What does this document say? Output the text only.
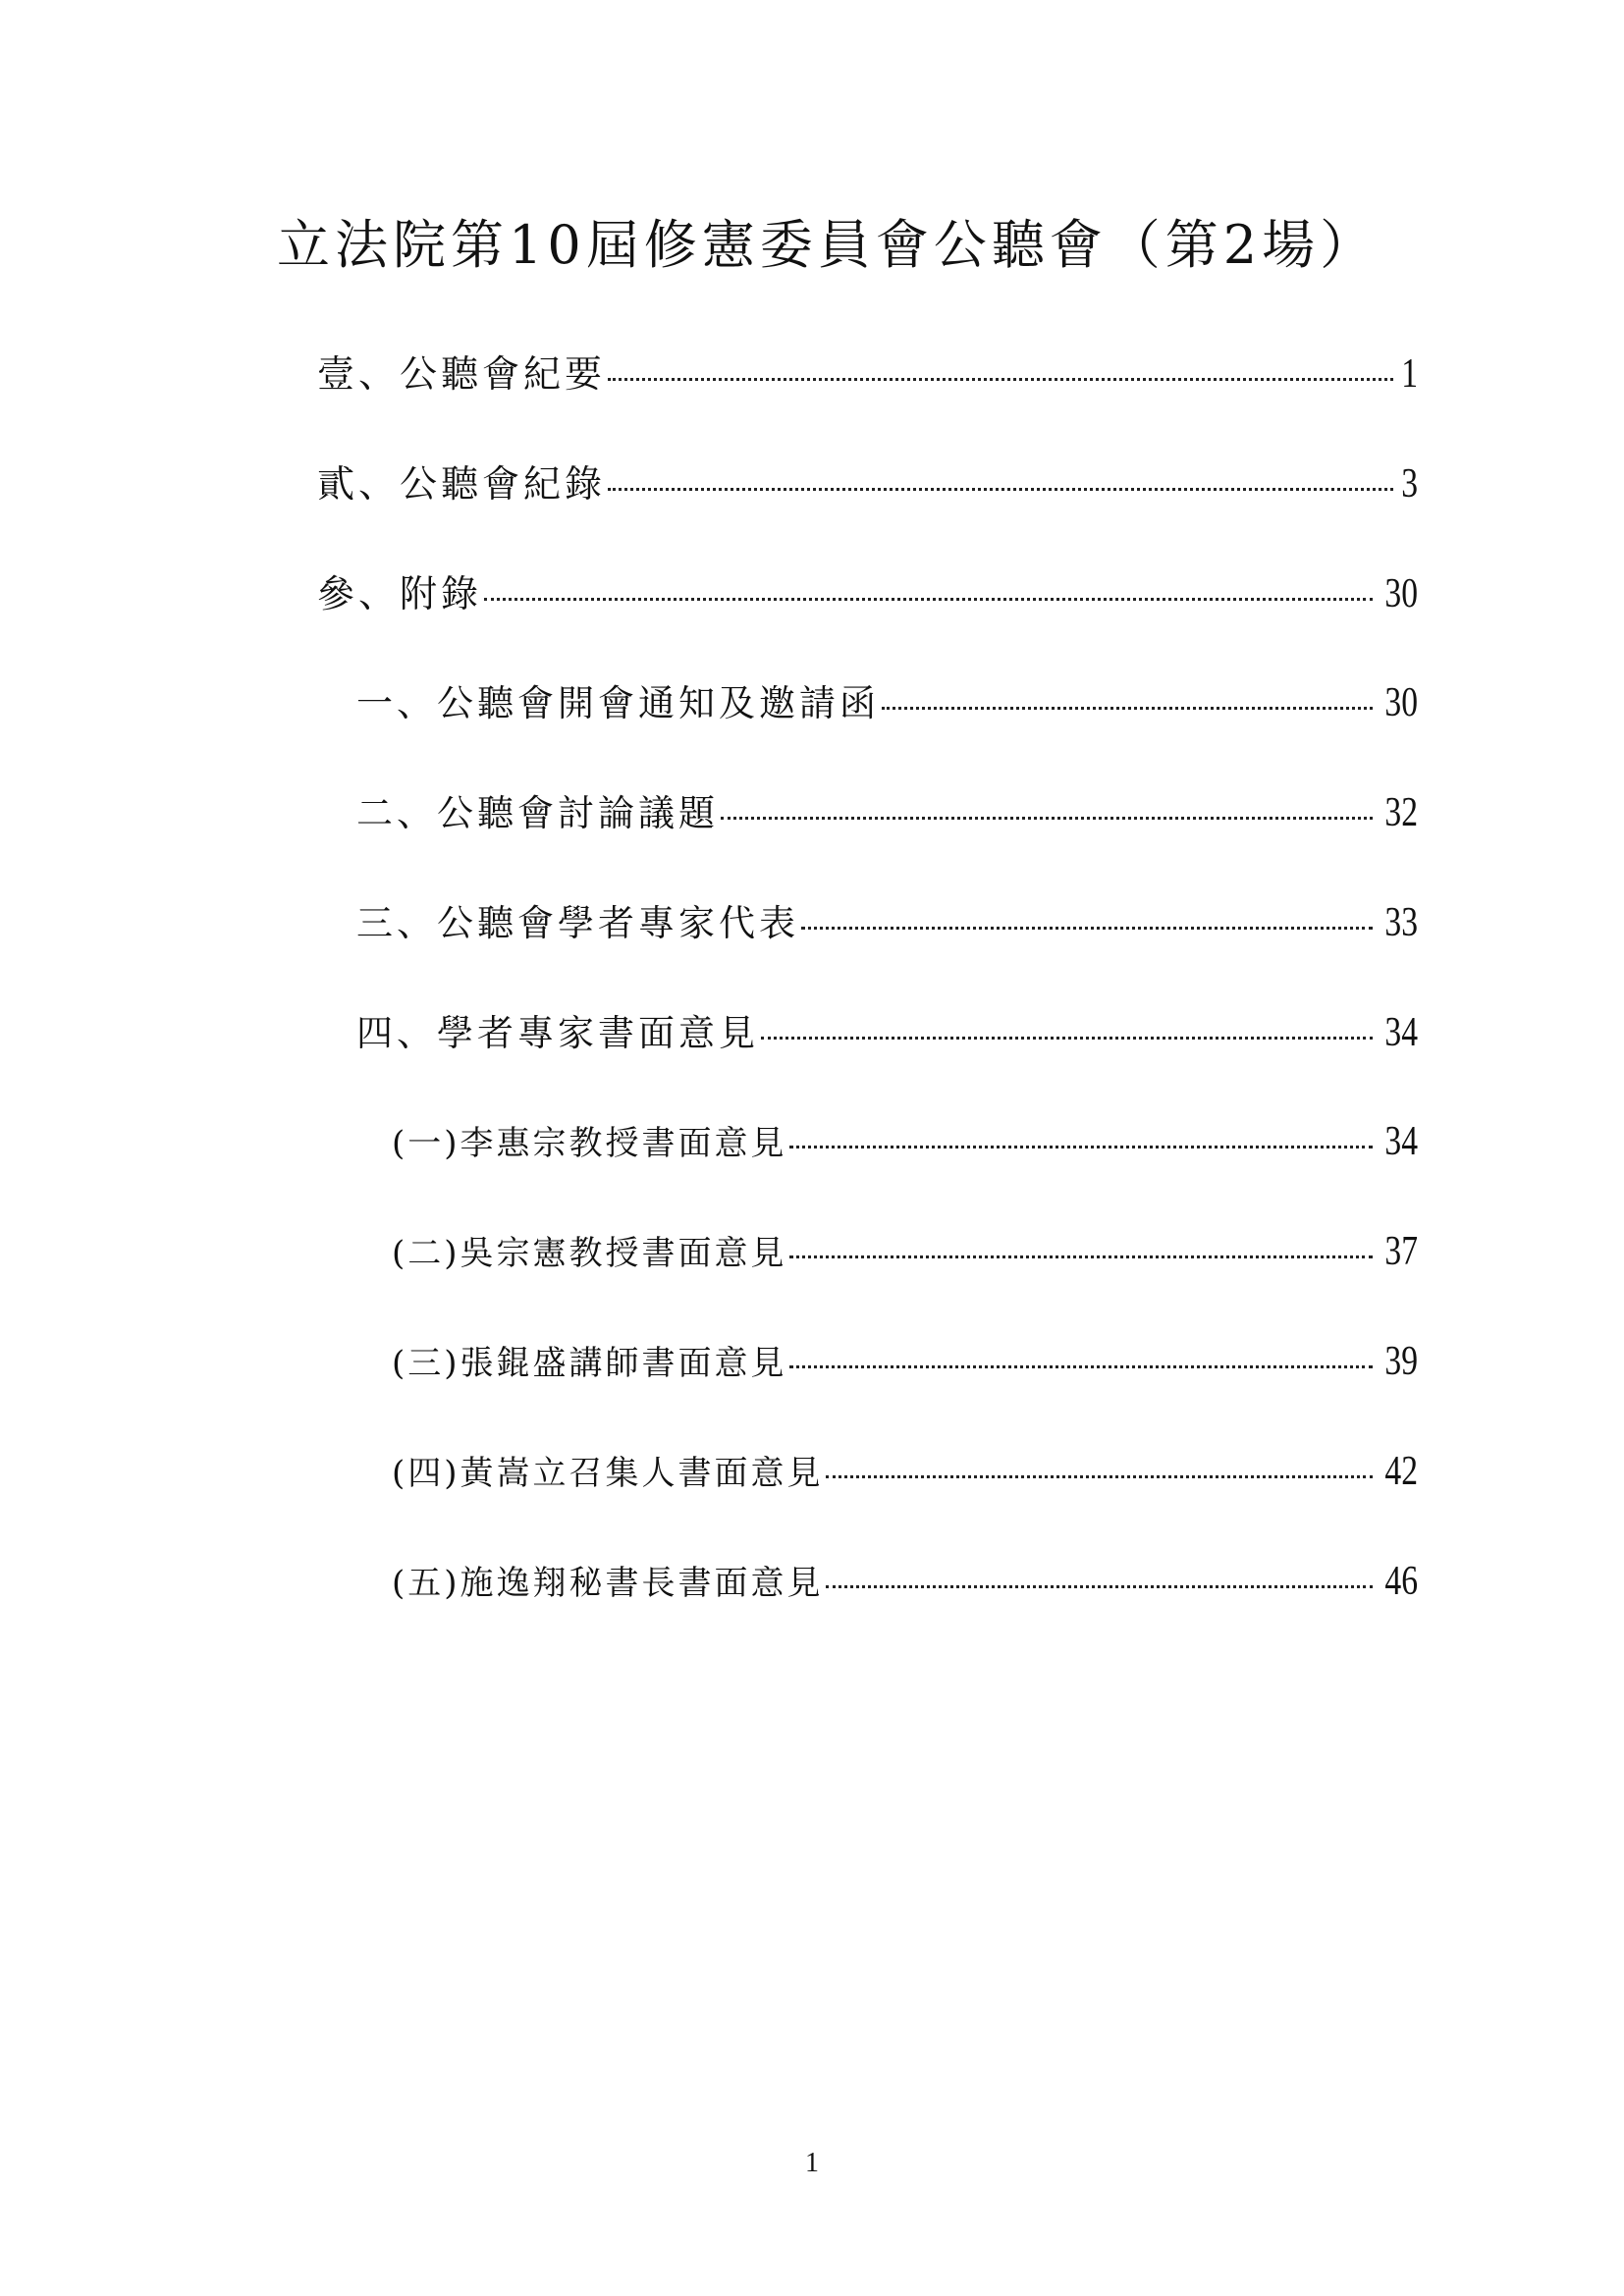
立法院第10屆修憲委員會公聽會（第2場）
壹、公聽會紀要	1
貳、公聽會紀錄	3
參、附錄	30
一、公聽會開會通知及邀請函	30
二、公聽會討論議題	32
三、公聽會學者專家代表	33
四、學者專家書面意見	34
(一)李惠宗教授書面意見	34
(二)吳宗憲教授書面意見	37
(三)張錕盛講師書面意見	39
(四)黃嵩立召集人書面意見	42
(五)施逸翔秘書長書面意見	46
1
